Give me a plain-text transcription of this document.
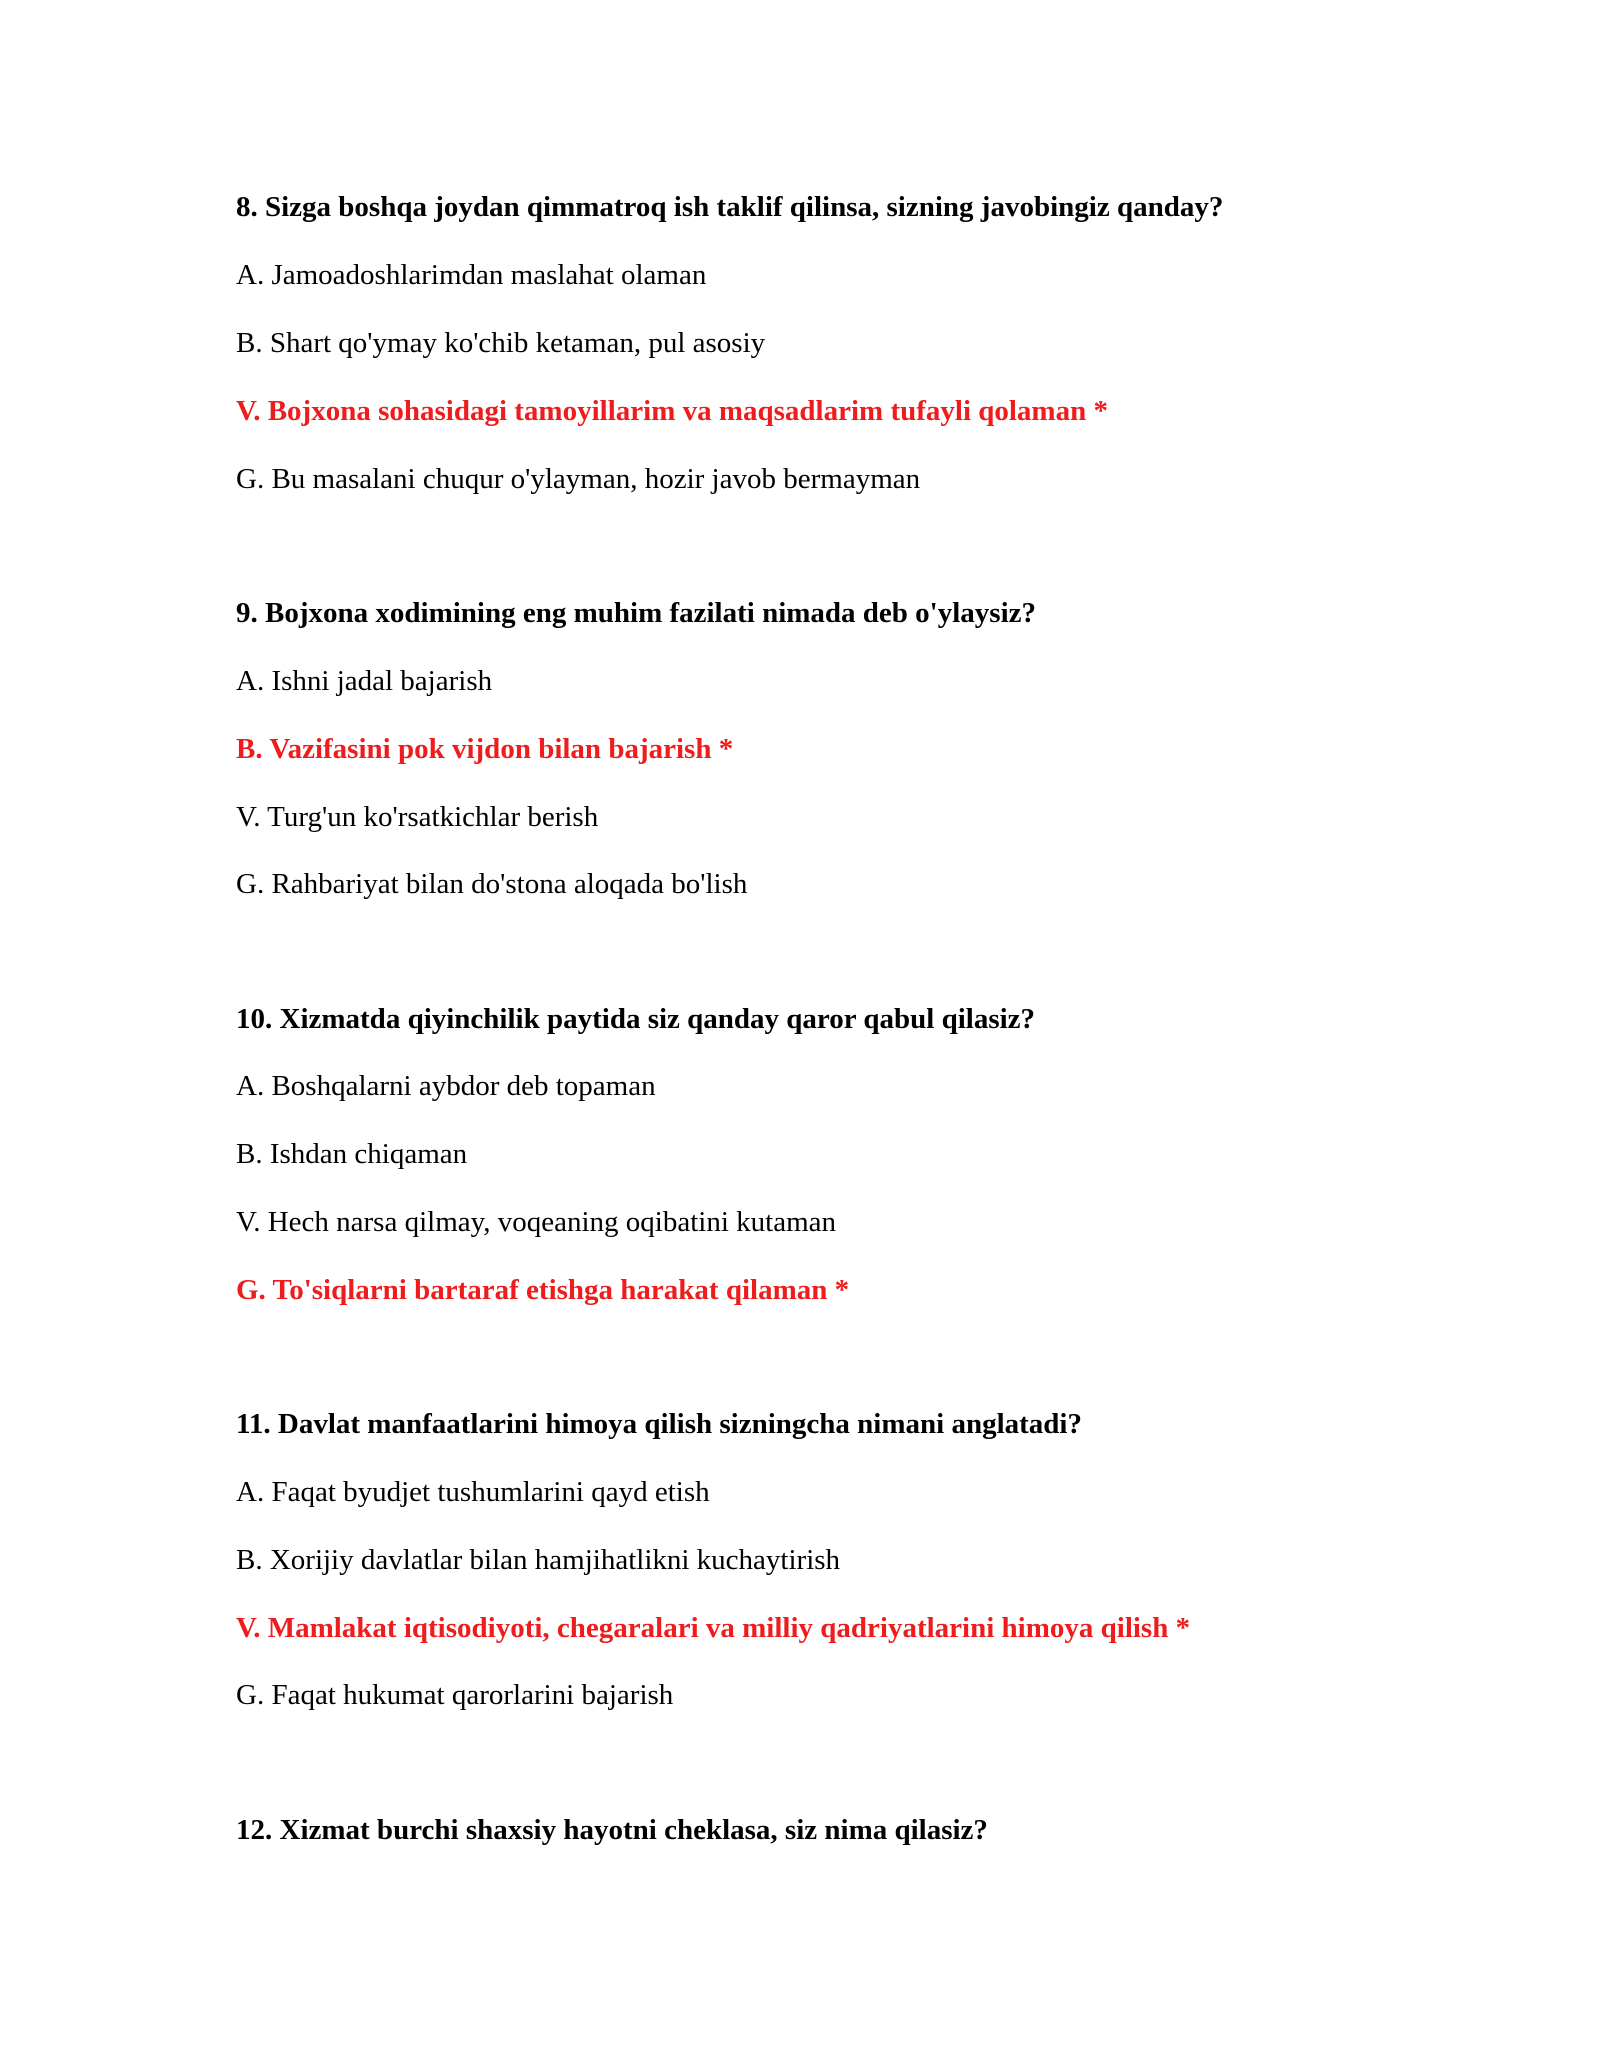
8. Sizga boshqa joydan qimmatroq ish taklif qilinsa, sizning javobingiz qanday?
A. Jamoadoshlarimdan maslahat olaman
B. Shart qo'ymay ko'chib ketaman, pul asosiy
V. Bojxona sohasidagi tamoyillarim va maqsadlarim tufayli qolaman *
G. Bu masalani chuqur o'ylayman, hozir javob bermayman
9. Bojxona xodimining eng muhim fazilati nimada deb o'ylaysiz?
A. Ishni jadal bajarish
B. Vazifasini pok vijdon bilan bajarish *
V. Turg'un ko'rsatkichlar berish
G. Rahbariyat bilan do'stona aloqada bo'lish
10. Xizmatda qiyinchilik paytida siz qanday qaror qabul qilasiz?
A. Boshqalarni aybdor deb topaman
B. Ishdan chiqaman
V. Hech narsa qilmay, voqeaning oqibatini kutaman
G. To'siqlarni bartaraf etishga harakat qilaman *
11. Davlat manfaatlarini himoya qilish sizningcha nimani anglatadi?
A. Faqat byudjet tushumlarini qayd etish
B. Xorijiy davlatlar bilan hamjihatlikni kuchaytirish
V. Mamlakat iqtisodiyoti, chegaralari va milliy qadriyatlarini himoya qilish *
G. Faqat hukumat qarorlarini bajarish
12. Xizmat burchi shaxsiy hayotni cheklasa, siz nima qilasiz?
